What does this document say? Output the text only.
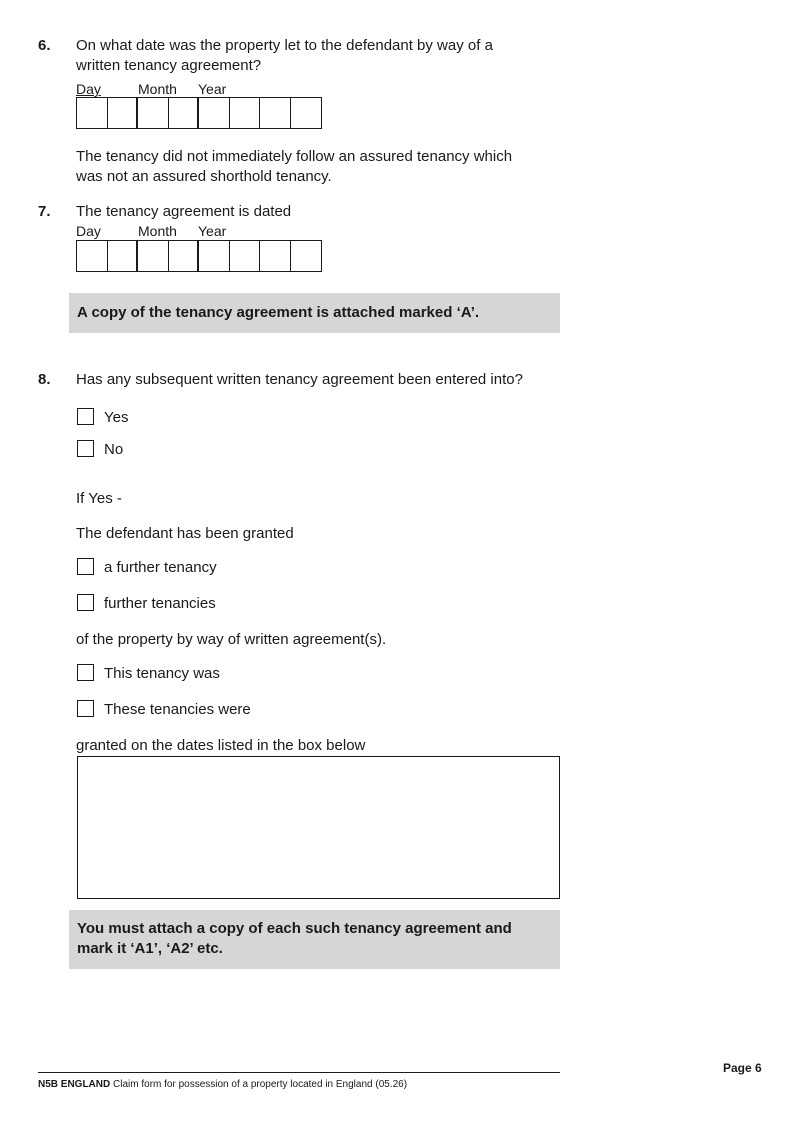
6. On what date was the property let to the defendant by way of a
written tenancy agreement?
Day	Month Year
The tenancy did not immediately follow an assured tenancy which
was not an assured shorthold tenancy.
7. The tenancy agreement is dated
Day	Month Year
A copy of the tenancy agreement is attached marked ‘A’.
8. Has any subsequent written tenancy agreement been entered into?
Yes
No
If Yes -
The defendant has been granted
a further tenancy
further tenancies
of the property by way of written agreement(s).
This tenancy was
These tenancies were
granted on the dates listed in the box below
You must attach a copy of each such tenancy agreement and
mark it ‘A1’, ‘A2’ etc.
Page 6
N5B ENGLAND Claim form for possession of a property located in England (05.26)
